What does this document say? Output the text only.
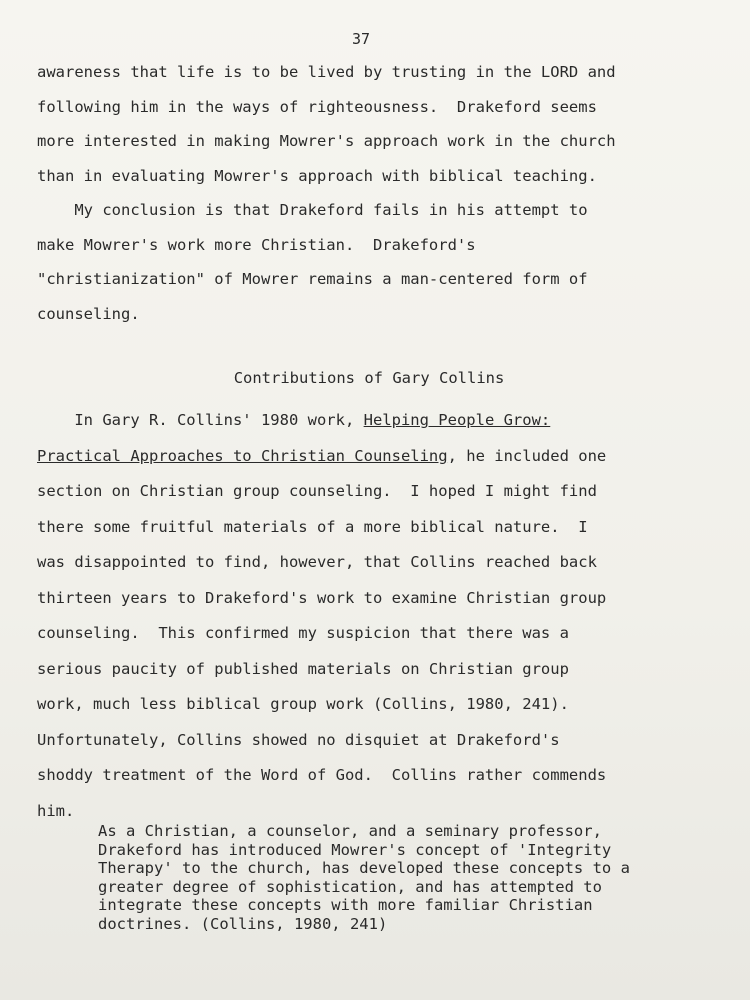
37

awareness that life is to be lived by trusting in the LORD and
following him in the ways of righteousness.  Drakeford seems
more interested in making Mowrer's approach work in the church
than in evaluating Mowrer's approach with biblical teaching.
My conclusion is that Drakeford fails in his attempt to
make Mowrer's work more Christian.  Drakeford's
"christianization" of Mowrer remains a man-centered form of
counseling.

Contributions of Gary Collins

In Gary R. Collins' 1980 work, Helping People Grow:
Practical Approaches to Christian Counseling, he included one
section on Christian group counseling.  I hoped I might find
there some fruitful materials of a more biblical nature.  I
was disappointed to find, however, that Collins reached back
thirteen years to Drakeford's work to examine Christian group
counseling.  This confirmed my suspicion that there was a
serious paucity of published materials on Christian group
work, much less biblical group work (Collins, 1980, 241).
Unfortunately, Collins showed no disquiet at Drakeford's
shoddy treatment of the Word of God.  Collins rather commends
him.

As a Christian, a counselor, and a seminary professor,
Drakeford has introduced Mowrer's concept of 'Integrity
Therapy' to the church, has developed these concepts to a
greater degree of sophistication, and has attempted to
integrate these concepts with more familiar Christian
doctrines. (Collins, 1980, 241)
